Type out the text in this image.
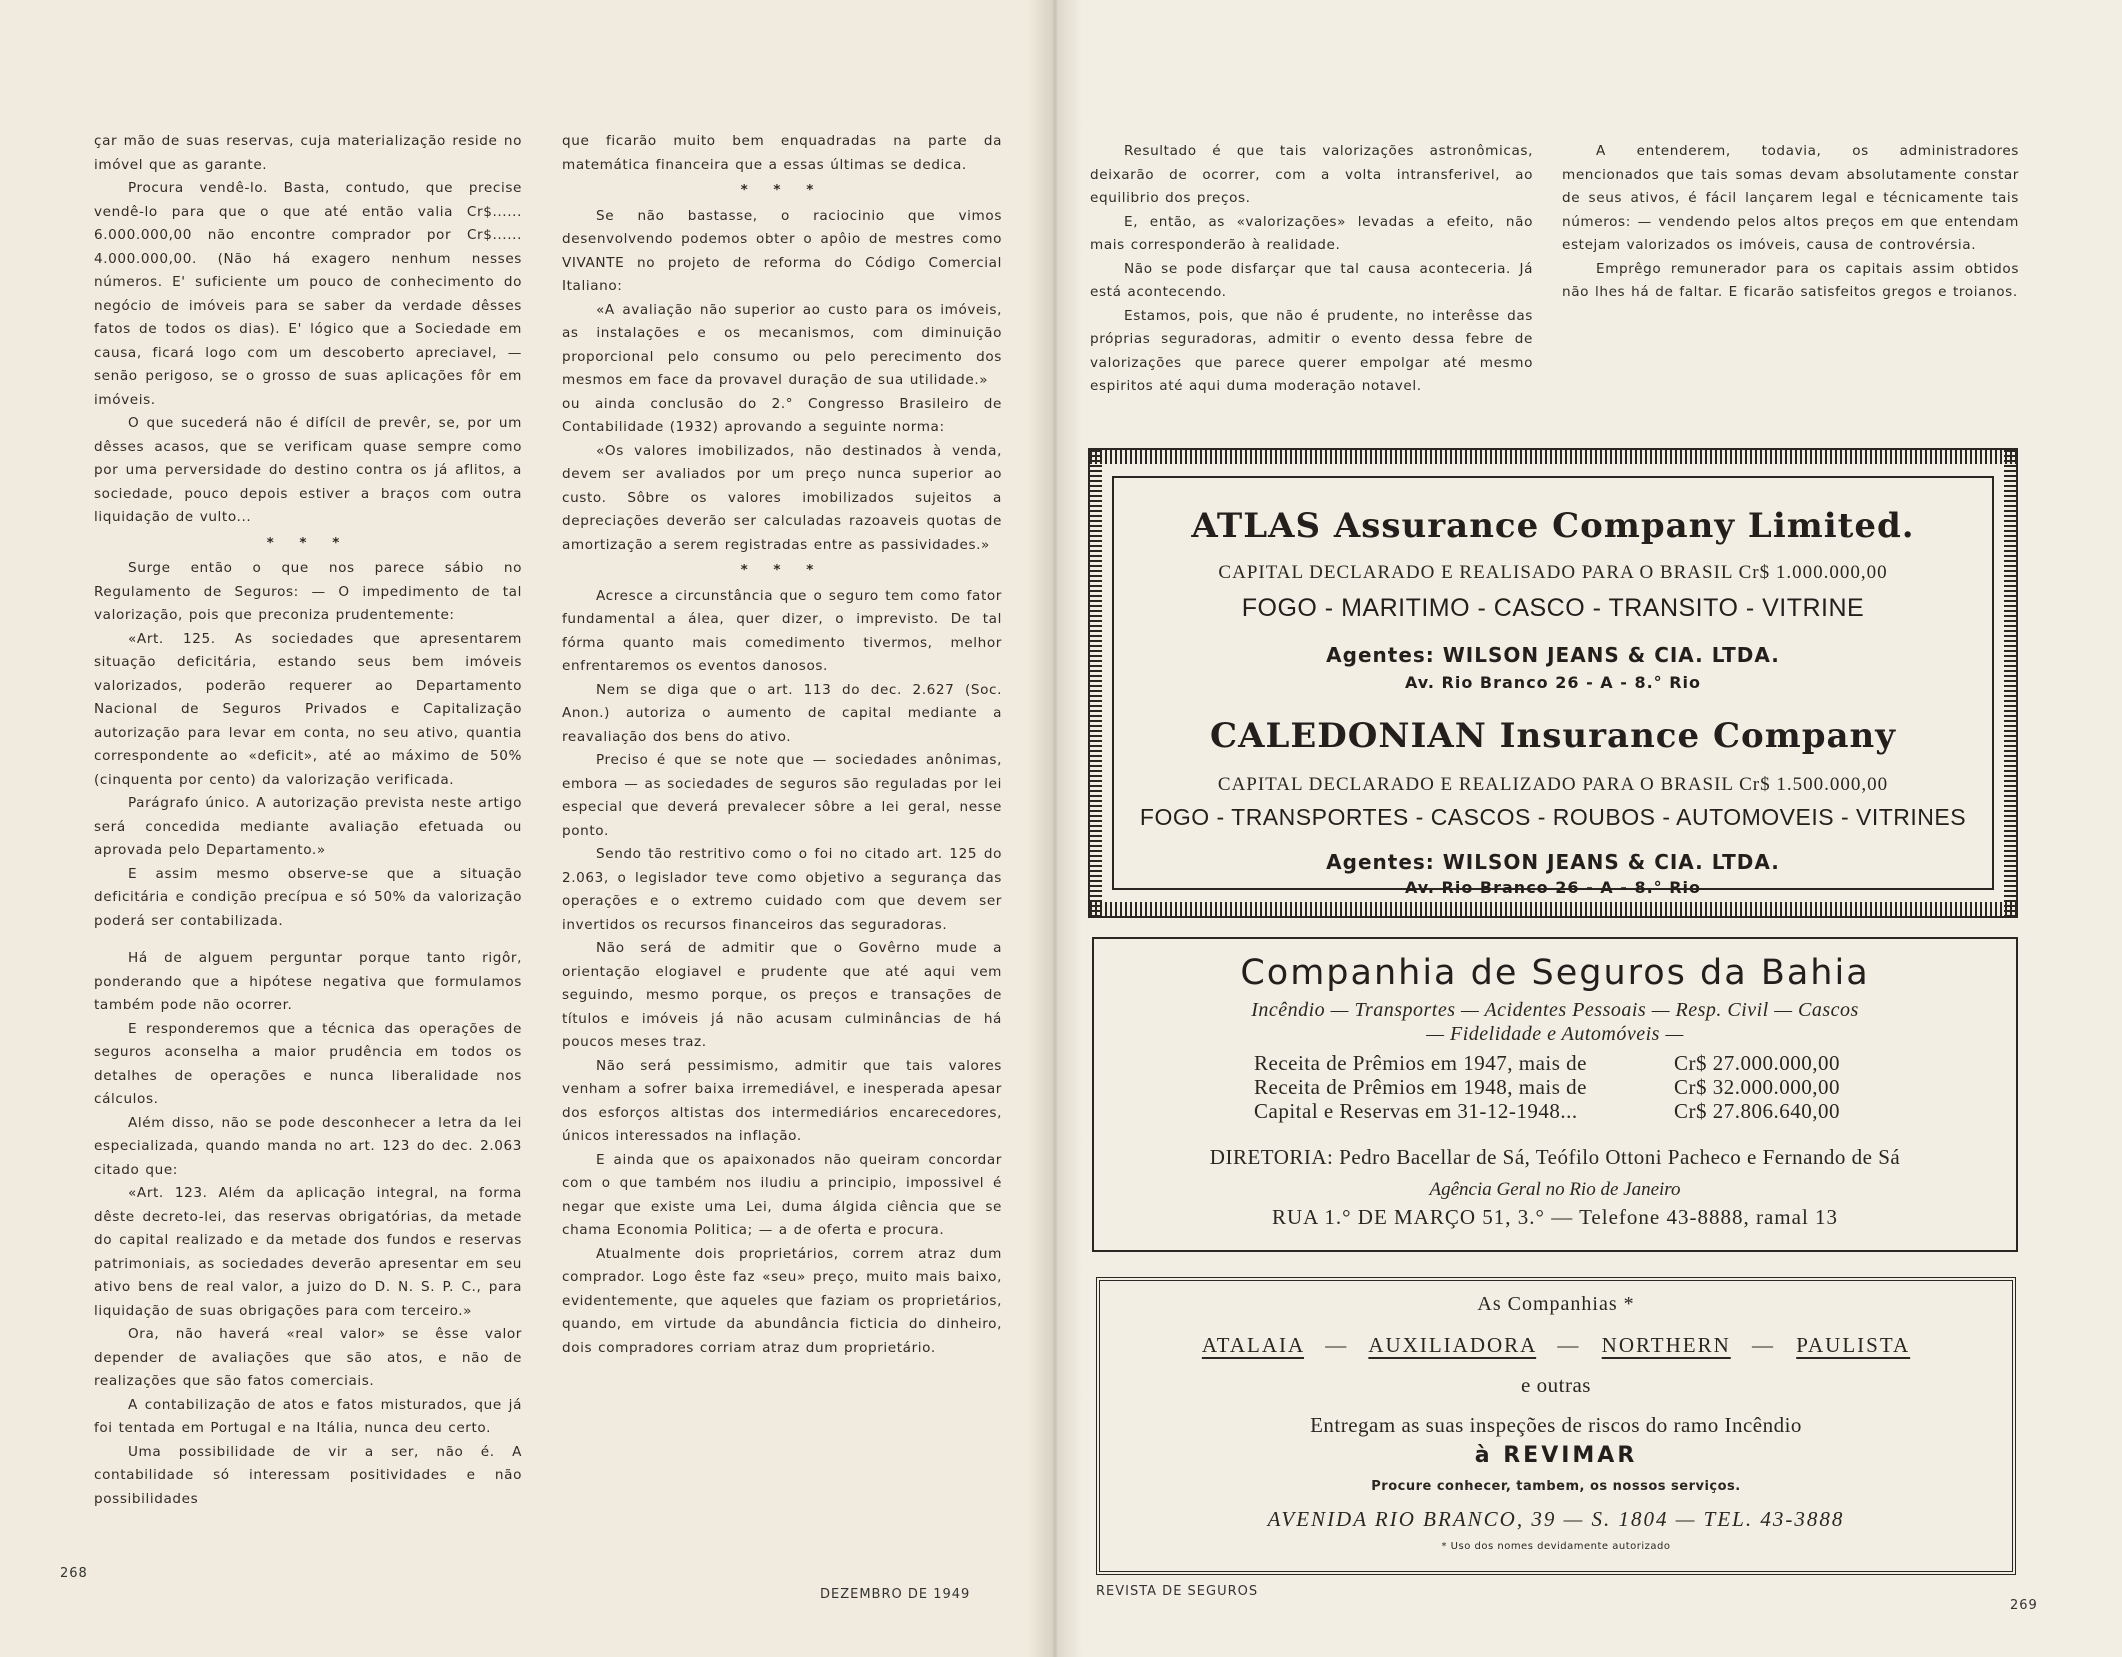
çar mão de suas reservas, cuja materialização reside no imóvel que as garante.

Procura vendê-lo. Basta, contudo, que precise vendê-lo para que o que até então valia Cr$...... 6.000.000,00 não encontre comprador por Cr$...... 4.000.000,00. (Não há exagero nenhum nesses números. E' suficiente um pouco de conhecimento do negócio de imóveis para se saber da verdade dêsses fatos de todos os dias). E' lógico que a Sociedade em causa, ficará logo com um descoberto apreciavel, — senão perigoso, se o grosso de suas aplicações fôr em imóveis.

O que sucederá não é difícil de prevêr, se, por um dêsses acasos, que se verificam quase sempre como por uma perversidade do destino contra os já aflitos, a sociedade, pouco depois estiver a braços com outra liquidação de vulto...

* * *

Surge então o que nos parece sábio no Regulamento de Seguros: — O impedimento de tal valorização, pois que preconiza prudentemente:

«Art. 125. As sociedades que apresentarem situação deficitária, estando seus bem imóveis valorizados, poderão requerer ao Departamento Nacional de Seguros Privados e Capitalização autorização para levar em conta, no seu ativo, quantia correspondente ao «deficit», até ao máximo de 50% (cinquenta por cento) da valorização verificada.

Parágrafo único. A autorização prevista neste artigo será concedida mediante avaliação efetuada ou aprovada pelo Departamento.»

E assim mesmo observe-se que a situação deficitária e condição precípua e só 50% da valorização poderá ser contabilizada.

Há de alguem perguntar porque tanto rigôr, ponderando que a hipótese negativa que formulamos também pode não ocorrer.

E responderemos que a técnica das operações de seguros aconselha a maior prudência em todos os detalhes de operações e nunca liberalidade nos cálculos.

Além disso, não se pode desconhecer a letra da lei especializada, quando manda no art. 123 do dec. 2.063 citado que:

«Art. 123. Além da aplicação integral, na forma dêste decreto-lei, das reservas obrigatórias, da metade do capital realizado e da metade dos fundos e reservas patrimoniais, as sociedades deverão apresentar em seu ativo bens de real valor, a juizo do D. N. S. P. C., para liquidação de suas obrigações para com terceiro.»

Ora, não haverá «real valor» se êsse valor depender de avaliações que são atos, e não de realizações que são fatos comerciais.

A contabilização de atos e fatos misturados, que já foi tentada em Portugal e na Itália, nunca deu certo.

Uma possibilidade de vir a ser, não é. A contabilidade só interessam positividades e não possibilidades

que ficarão muito bem enquadradas na parte da matemática financeira que a essas últimas se dedica.

* * *

Se não bastasse, o raciocinio que vimos desenvolvendo podemos obter o apôio de mestres como VIVANTE no projeto de reforma do Código Comercial Italiano:

«A avaliação não superior ao custo para os imóveis, as instalações e os mecanismos, com diminuição proporcional pelo consumo ou pelo perecimento dos mesmos em face da provavel duração de sua utilidade.»

ou ainda conclusão do 2.° Congresso Brasileiro de Contabilidade (1932) aprovando a seguinte norma:

«Os valores imobilizados, não destinados à venda, devem ser avaliados por um preço nunca superior ao custo. Sôbre os valores imobilizados sujeitos a depreciações deverão ser calculadas razoaveis quotas de amortização a serem registradas entre as passividades.»

* * *

Acresce a circunstância que o seguro tem como fator fundamental a álea, quer dizer, o imprevisto. De tal fórma quanto mais comedimento tivermos, melhor enfrentaremos os eventos danosos.

Nem se diga que o art. 113 do dec. 2.627 (Soc. Anon.) autoriza o aumento de capital mediante a reavaliação dos bens do ativo.

Preciso é que se note que — sociedades anônimas, embora — as sociedades de seguros são reguladas por lei especial que deverá prevalecer sôbre a lei geral, nesse ponto.

Sendo tão restritivo como o foi no citado art. 125 do 2.063, o legislador teve como objetivo a segurança das operações e o extremo cuidado com que devem ser invertidos os recursos financeiros das seguradoras.

Não será de admitir que o Govêrno mude a orientação elogiavel e prudente que até aqui vem seguindo, mesmo porque, os preços e transações de títulos e imóveis já não acusam culminâncias de há poucos meses traz.

Não será pessimismo, admitir que tais valores venham a sofrer baixa irremediável, e inesperada apesar dos esforços altistas dos intermediários encarecedores, únicos interessados na inflação.

E ainda que os apaixonados não queiram concordar com o que também nos iludiu a principio, impossivel é negar que existe uma Lei, duma álgida ciência que se chama Economia Politica; — a de oferta e procura.

Atualmente dois proprietários, correm atraz dum comprador. Logo êste faz «seu» preço, muito mais baixo, evidentemente, que aqueles que faziam os proprietários, quando, em virtude da abundância ficticia do dinheiro, dois compradores corriam atraz dum proprietário.

268
DEZEMBRO DE 1949

Resultado é que tais valorizações astronômicas, deixarão de ocorrer, com a volta intransferivel, ao equilibrio dos preços.

E, então, as «valorizações» levadas a efeito, não mais corresponderão à realidade.

Não se pode disfarçar que tal causa aconteceria. Já está acontecendo.

Estamos, pois, que não é prudente, no interêsse das próprias seguradoras, admitir o evento dessa febre de valorizações que parece querer empolgar até mesmo espiritos até aqui duma moderação notavel.

A entenderem, todavia, os administradores mencionados que tais somas devam absolutamente constar de seus ativos, é fácil lançarem legal e técnicamente tais números: — vendendo pelos altos preços em que entendam estejam valorizados os imóveis, causa de controvérsia.

Emprêgo remunerador para os capitais assim obtidos não lhes há de faltar. E ficarão satisfeitos gregos e troianos.

REVISTA DE SEGUROS
269
ATLAS Assurance Company Limited.
CAPITAL DECLARADO E REALISADO PARA O BRASIL Cr$ 1.000.000,00
FOGO - MARITIMO - CASCO - TRANSITO - VITRINE
Agentes: WILSON JEANS & CIA. LTDA.
Av. Rio Branco 26 - A - 8.° Rio
CALEDONIAN Insurance Company
CAPITAL DECLARADO E REALIZADO PARA O BRASIL Cr$ 1.500.000,00
FOGO - TRANSPORTES - CASCOS - ROUBOS - AUTOMOVEIS - VITRINES
Agentes: WILSON JEANS & CIA. LTDA.
Av. Rio Branco 26 - A - 8.° Rio
Companhia de Seguros da Bahia
Incêndio — Transportes — Acidentes Pessoais — Resp. Civil — Cascos
— Fidelidade e Automóveis —
Receita de Prêmios em 1947, mais de	Cr$ 27.000.000,00
Receita de Prêmios em 1948, mais de	Cr$ 32.000.000,00
Capital e Reservas em 31-12-1948...	Cr$ 27.806.640,00
DIRETORIA: Pedro Bacellar de Sá, Teófilo Ottoni Pacheco e Fernando de Sá
Agência Geral no Rio de Janeiro
RUA 1.° DE MARÇO 51, 3.° — Telefone 43-8888, ramal 13
As Companhias *
ATALAIA — AUXILIADORA — NORTHERN — PAULISTA
e outras
Entregam as suas inspeções de riscos do ramo Incêndio
à REVIMAR
Procure conhecer, tambem, os nossos serviços.
AVENIDA RIO BRANCO, 39 — S. 1804 — TEL. 43-3888
* Uso dos nomes devidamente autorizado
